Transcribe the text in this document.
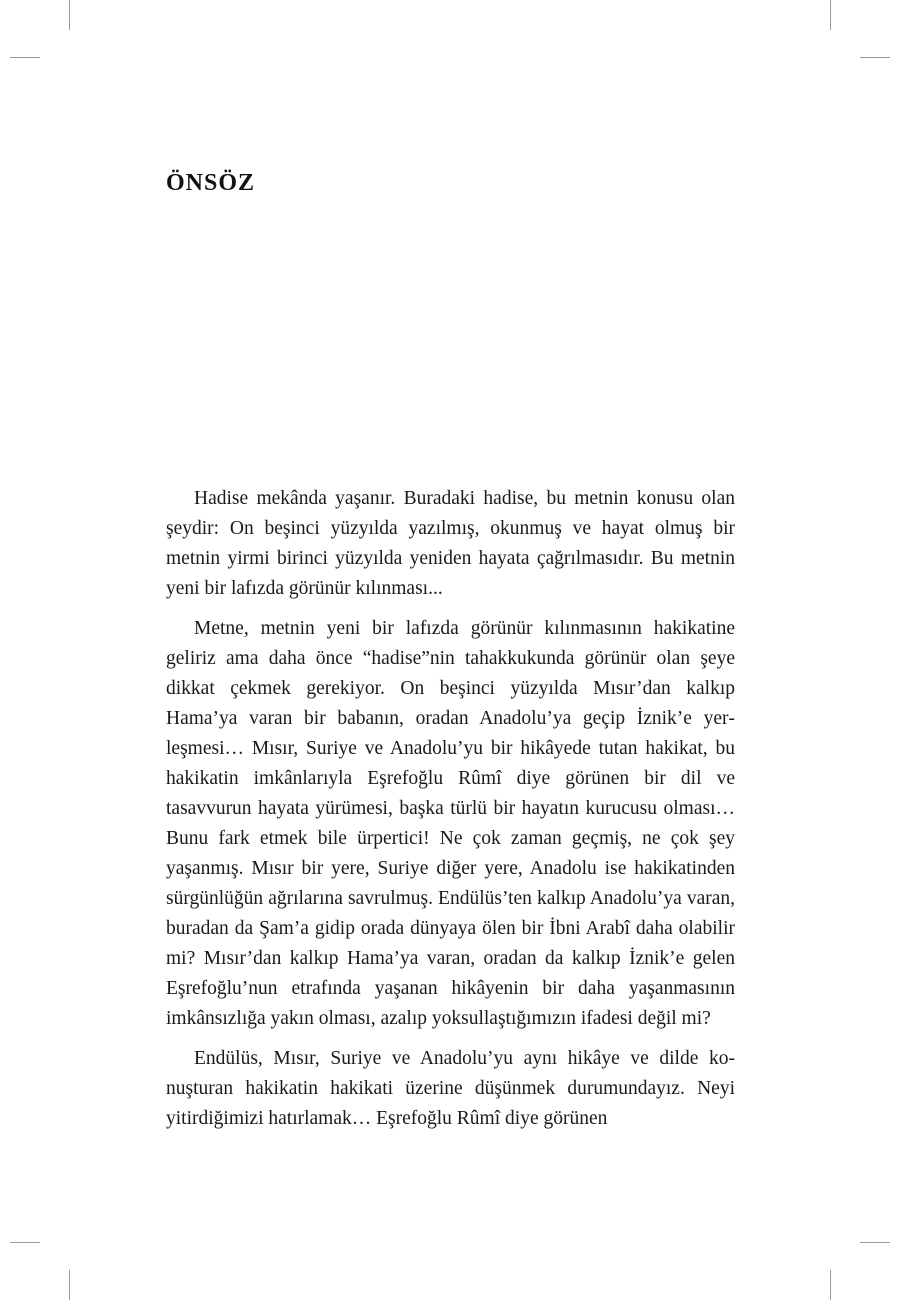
ÖNSÖZ

Hadise mekânda yaşanır. Buradaki hadise, bu metnin konusu olan şeydir: On beşinci yüzyılda yazılmış, okunmuş ve hayat olmuş bir metnin yirmi birinci yüzyılda yeniden hayata çağrılmasıdır. Bu metnin yeni bir lafızda görünür kılınması...

Metne, metnin yeni bir lafızda görünür kılınmasının hakikatine geliriz ama daha önce “hadise”nin tahakkukunda görünür olan şeye dikkat çekmek gerekiyor. On beşinci yüzyılda Mısır’dan kalkıp Hama’ya varan bir babanın, oradan Anadolu’ya geçip İznik’e yerleşmesi… Mısır, Suriye ve Anadolu’yu bir hikâyede tutan hakikat, bu hakikatin imkânlarıyla Eşrefoğlu Rûmî diye görünen bir dil ve tasavvurun hayata yürümesi, başka türlü bir hayatın kurucusu olması… Bunu fark etmek bile ürpertici! Ne çok zaman geçmiş, ne çok şey yaşanmış. Mısır bir yere, Suriye diğer yere, Anadolu ise hakikatinden sürgünlüğün ağrılarına savrulmuş. Endülüs’ten kalkıp Anadolu’ya varan, buradan da Şam’a gidip orada dünyaya ölen bir İbni Arabî daha olabilir mi? Mısır’dan kalkıp Hama’ya varan, oradan da kalkıp İznik’e gelen Eşrefoğlu’nun etrafında yaşanan hikâyenin bir daha yaşanmasının imkânsızlığa yakın olması, azalıp yoksullaştığımızın ifadesi değil mi?

Endülüs, Mısır, Suriye ve Anadolu’yu aynı hikâye ve dilde konuşturan hakikatin hakikati üzerine düşünmek durumundayız. Neyi yitirdiğimizi hatırlamak… Eşrefoğlu Rûmî diye görünen
